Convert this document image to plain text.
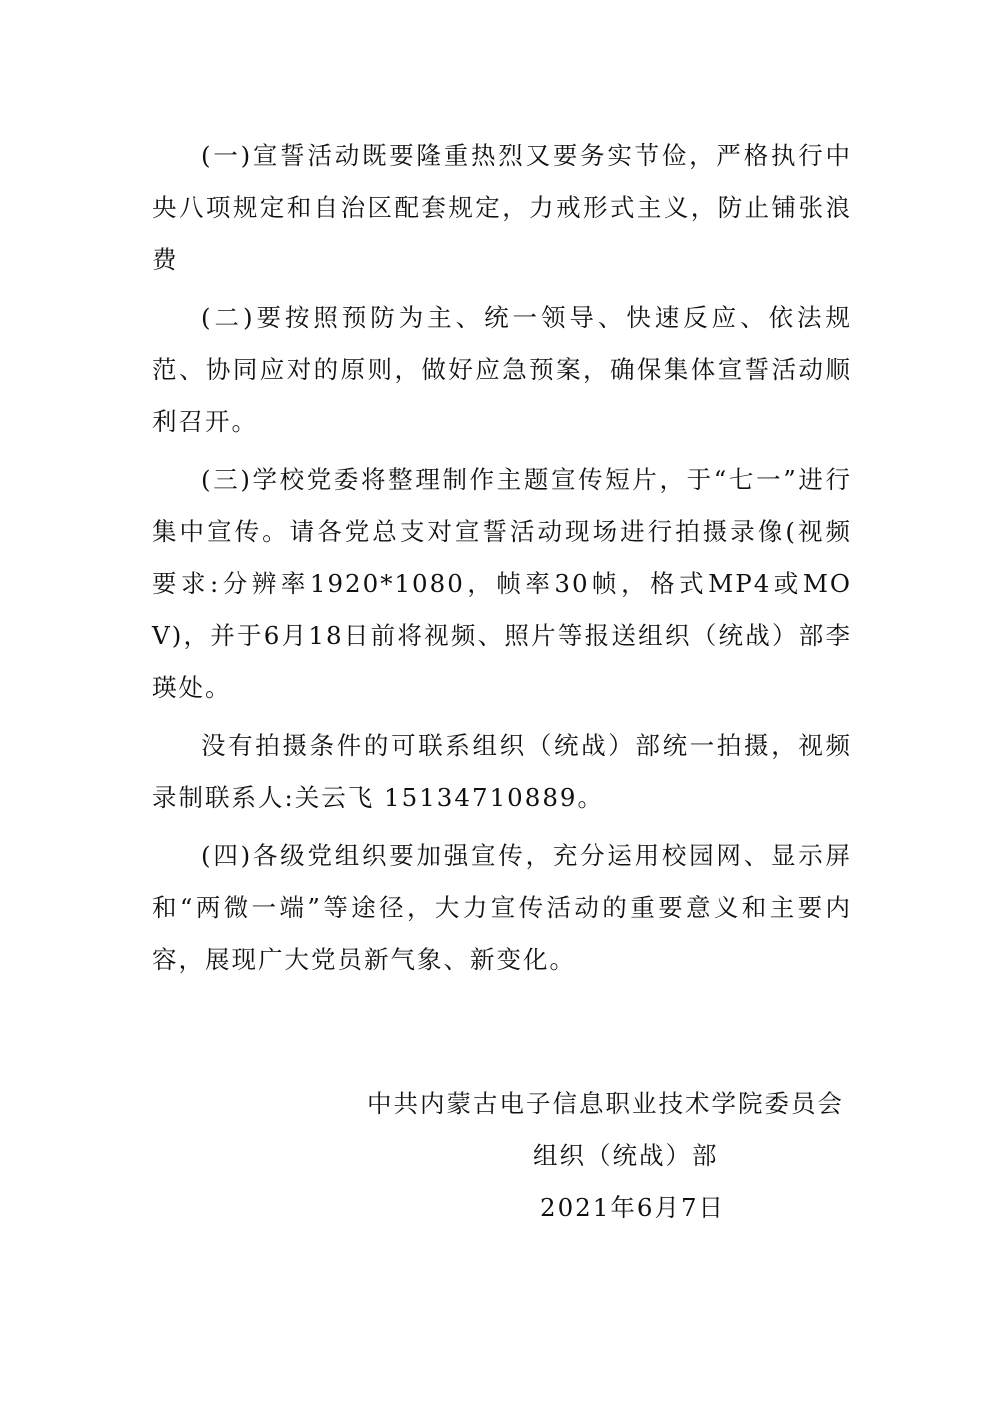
(一)宣誓活动既要隆重热烈又要务实节俭，严格执行中央八项规定和自治区配套规定，力戒形式主义，防止铺张浪费

(二)要按照预防为主、统一领导、快速反应、依法规范、协同应对的原则，做好应急预案，确保集体宣誓活动顺利召开。

(三)学校党委将整理制作主题宣传短片，于“七一”进行集中宣传。请各党总支对宣誓活动现场进行拍摄录像(视频要求:分辨率1920*1080，帧率30帧，格式MP4或MOV)，并于6月18日前将视频、照片等报送组织（统战）部李瑛处。

没有拍摄条件的可联系组织（统战）部统一拍摄，视频录制联系人:关云飞 15134710889。

(四)各级党组织要加强宣传，充分运用校园网、显示屏和“两微一端”等途径，大力宣传活动的重要意义和主要内容，展现广大党员新气象、新变化。

中共内蒙古电子信息职业技术学院委员会
组织（统战）部
2021年6月7日
